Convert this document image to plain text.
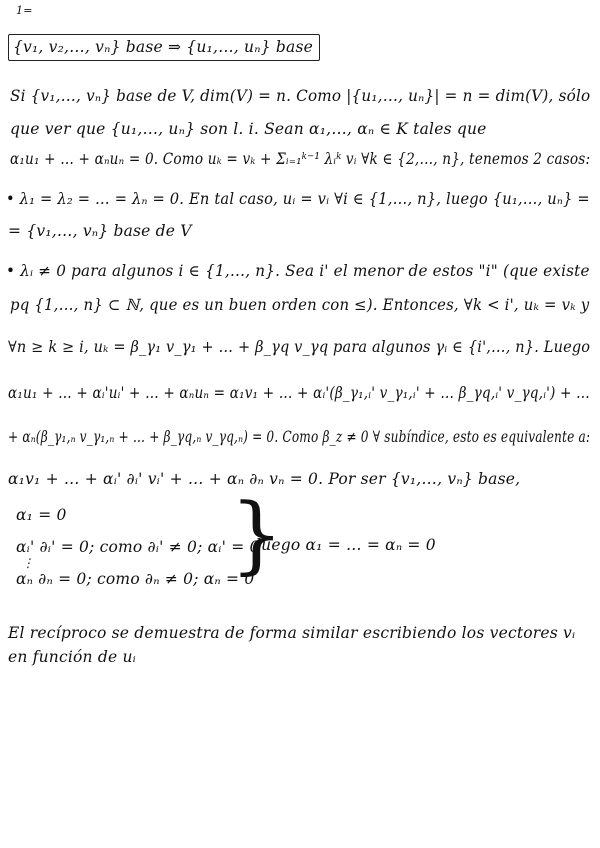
1=
{v₁, v₂,…, vₙ} base ⇒ {u₁,…, uₙ} base
Si {v₁,…, vₙ} base de V, dim(V) = n. Como |{u₁,…, uₙ}| = n = dim(V), sólo
que ver que {u₁,…, uₙ} son l. i. Sean α₁,…, αₙ ∈ K tales que
α₁u₁ + … + αₙuₙ = 0. Como uₖ = vₖ + Σᵢ₌₁ᵏ⁻¹ λᵢᵏ vᵢ ∀k ∈ {2,…, n}, tenemos 2 casos:
• λ₁ = λ₂ = … = λₙ = 0. En tal caso, uᵢ = vᵢ ∀i ∈ {1,…, n}, luego {u₁,…, uₙ} =
= {v₁,…, vₙ} base de V
• λᵢ ≠ 0 para algunos i ∈ {1,…, n}. Sea i' el menor de estos "i" (que existe
pq {1,…, n} ⊂ ℕ, que es un buen orden con ≤). Entonces, ∀k < i', uₖ = vₖ y
∀n ≥ k ≥ i, uₖ = β_γ₁ v_γ₁ + … + β_γq v_γq para algunos γᵢ ∈ {i',…, n}. Luego
α₁u₁ + … + αᵢ'uᵢ' + … + αₙuₙ = α₁v₁ + … + αᵢ'(β_γ₁,ᵢ' v_γ₁,ᵢ' + … β_γq,ᵢ' v_γq,ᵢ') + …
+ αₙ(β_γ₁,ₙ v_γ₁,ₙ + … + β_γq,ₙ v_γq,ₙ) = 0. Como β_z ≠ 0 ∀ subíndice, esto es equivalente a:
α₁v₁ + … + αᵢ' ∂ᵢ' vᵢ' + … + αₙ ∂ₙ vₙ = 0. Por ser {v₁,…, vₙ} base,
α₁ = 0
αᵢ' ∂ᵢ' = 0; como ∂ᵢ' ≠ 0; αᵢ' = 0
⋮
αₙ ∂ₙ = 0; como ∂ₙ ≠ 0; αₙ = 0
}
luego α₁ = … = αₙ = 0
El recíproco se demuestra de forma similar escribiendo los vectores vᵢ
en función de uᵢ
